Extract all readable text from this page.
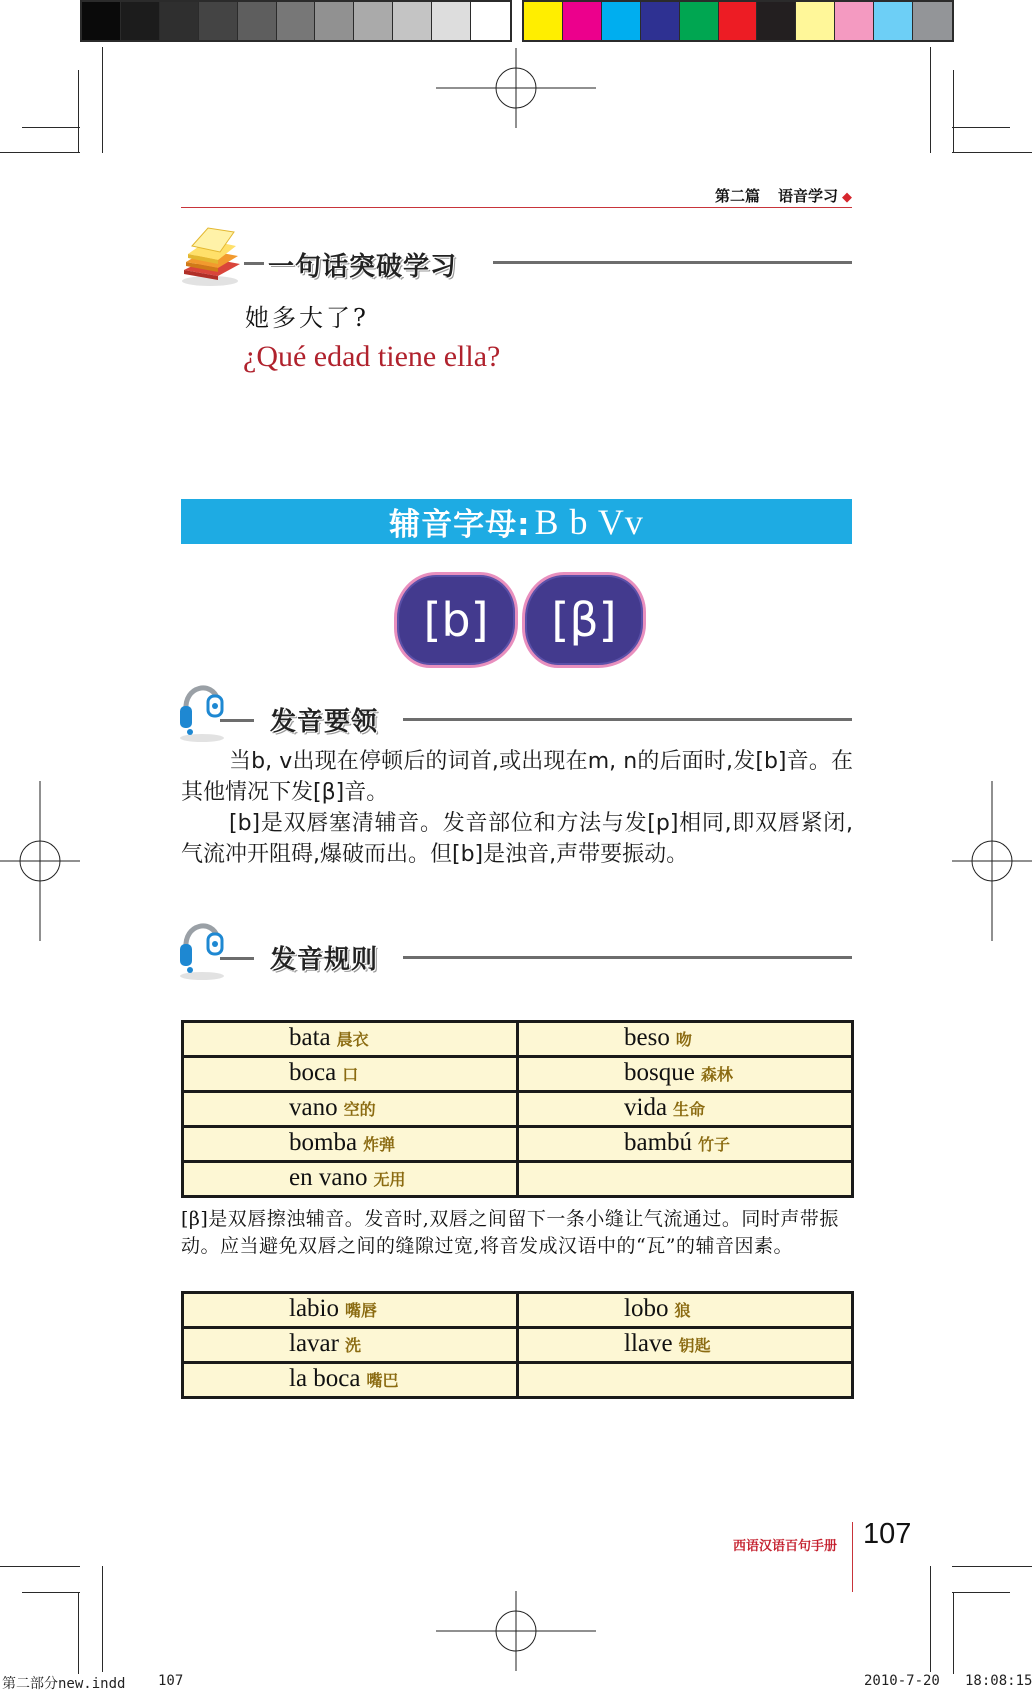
第二篇 语音学习 ◆
一句话突破学习
她多大了?
¿Qué edad tiene ella?
辅音字母: B b Vv
[b]	[β]
发音要领

当b, v出现在停顿后的词首,或出现在m, n的后面时,发[b]音。在其他情况下发[β]音。

[b]是双唇塞清辅音。发音部位和方法与发[p]相同,即双唇紧闭,气流冲开阻碍,爆破而出。但[b]是浊音,声带要振动。

发音规则
bata 晨衣	beso 吻

boca 口	bosque 森林

vano 空的	vida 生命

bomba 炸弹	bambú 竹子

en vano 无用	

[β]是双唇擦浊辅音。发音时,双唇之间留下一条小缝让气流通过。同时声带振动。应当避免双唇之间的缝隙过宽,将音发成汉语中的“瓦”的辅音因素。
labio 嘴唇	lobo 狼

lavar 洗	llave 钥匙

la boca 嘴巴	

西语汉语百句手册 107
第二部分new.indd 107	2010-7-20 18:08:15
